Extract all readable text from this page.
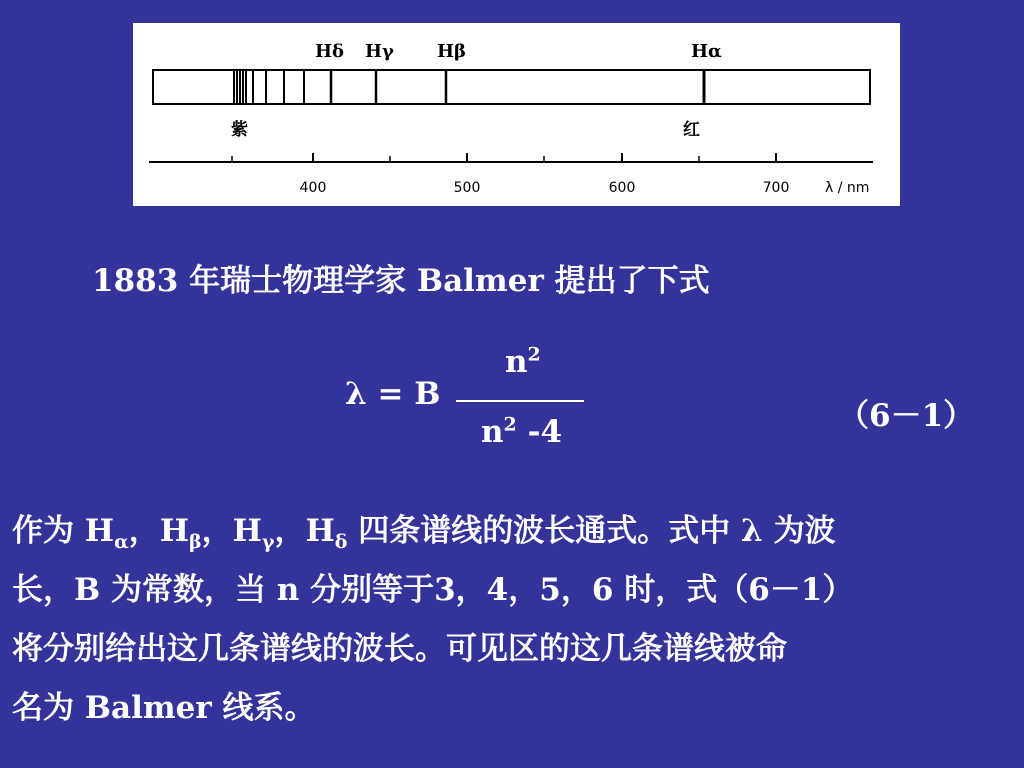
Hδ Hγ Hβ	Hα
紫	红
400	500	600	700	λ / nm
1883 年瑞士物理学家 Balmer 提出了下式
λ = B
$n^2$
$n^2$ -4	（6－1）
作为 $H_\alpha$，$H_\beta$，$H_\gamma$，$H_\delta$ 四条谱线的波长通式。式中 λ 为波
长，B 为常数，当 n 分别等于3，4，5，6 时，式（6－1）
将分别给出这几条谱线的波长。可见区的这几条谱线被命
名为 Balmer 线系。
